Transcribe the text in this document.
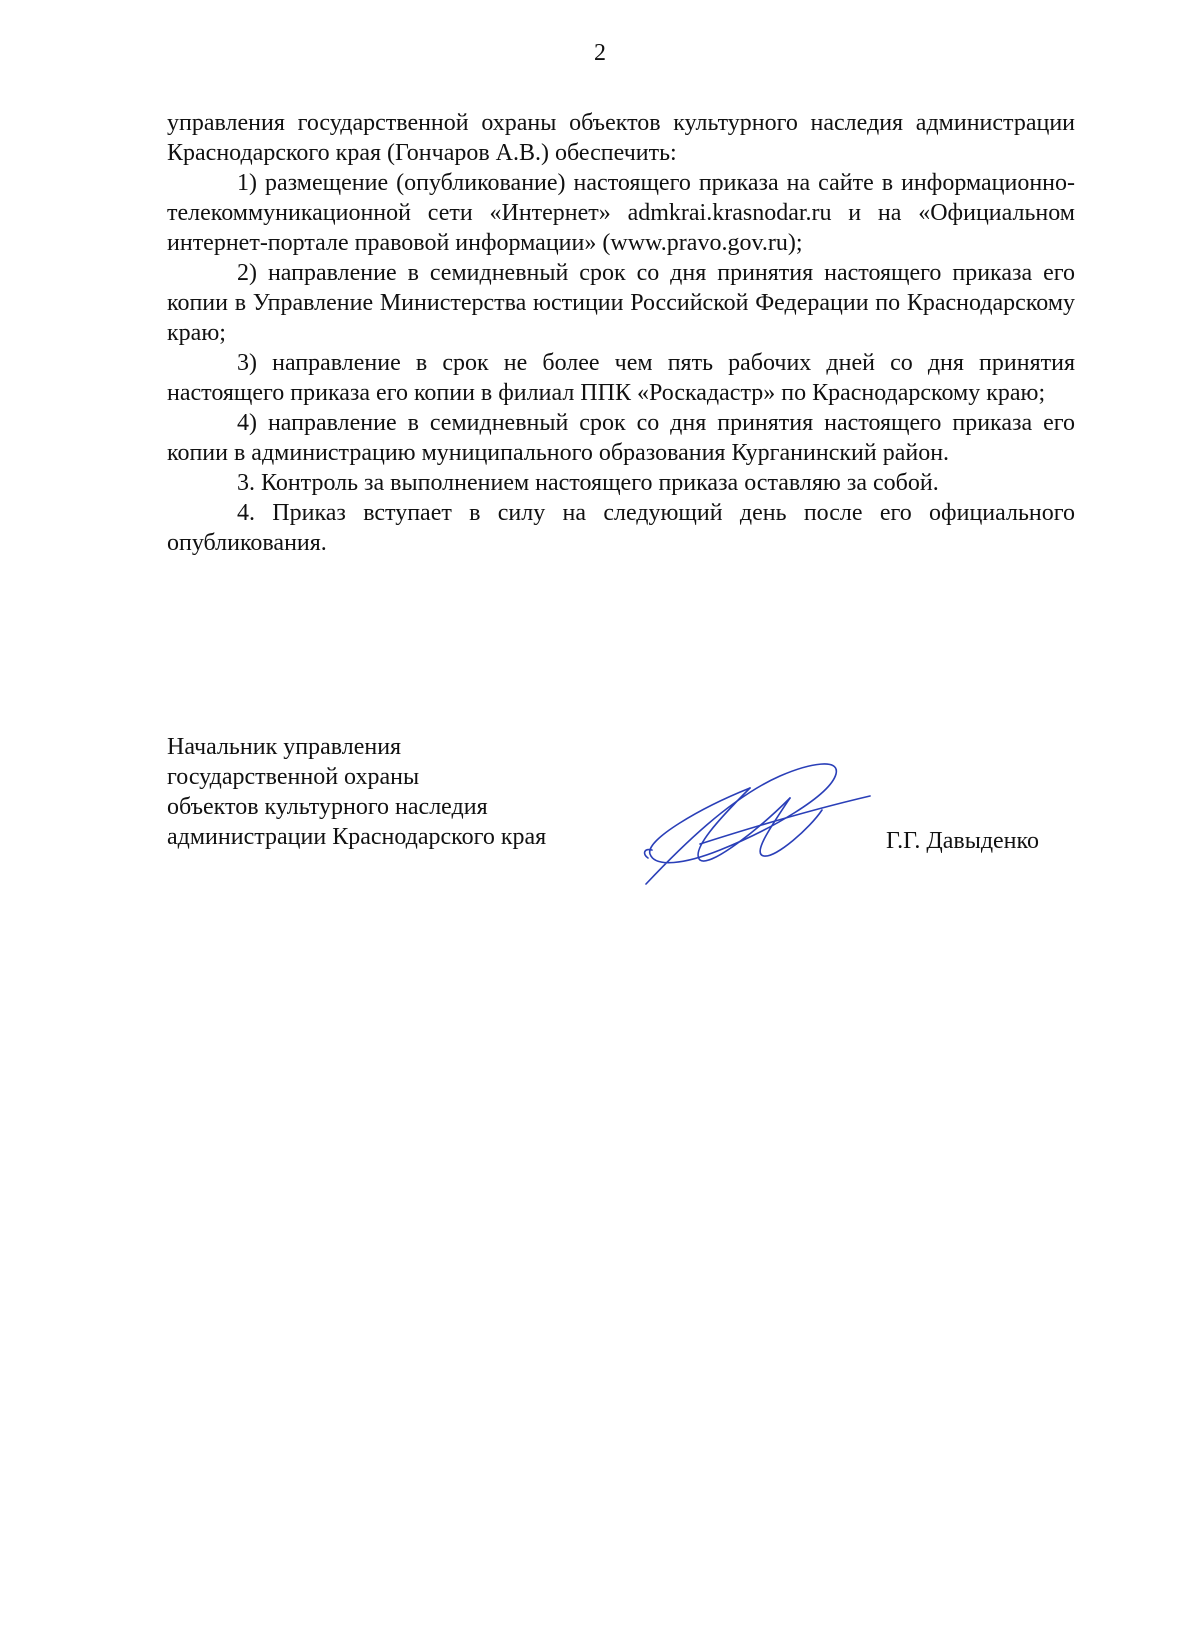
2

управления государственной охраны объектов культурного наследия администрации Краснодарского края (Гончаров А.В.) обеспечить:

1) размещение (опубликование) настоящего приказа на сайте в информационно-телекоммуникационной сети «Интернет» admkrai.krasnodar.ru и на «Официальном интернет-портале правовой информации» (www.pravo.gov.ru);

2) направление в семидневный срок со дня принятия настоящего приказа его копии в Управление Министерства юстиции Российской Федерации по Краснодарскому краю;

3) направление в срок не более чем пять рабочих дней со дня принятия настоящего приказа его копии в филиал ППК «Роскадастр» по Краснодарскому краю;

4) направление в семидневный срок со дня принятия настоящего приказа его копии в администрацию муниципального образования Курганинский район.

3. Контроль за выполнением настоящего приказа оставляю за собой.

4. Приказ вступает в силу на следующий день после его официального опубликования.

Начальник управления
государственной охраны
объектов культурного наследия
администрации Краснодарского края	Г.Г. Давыденко
